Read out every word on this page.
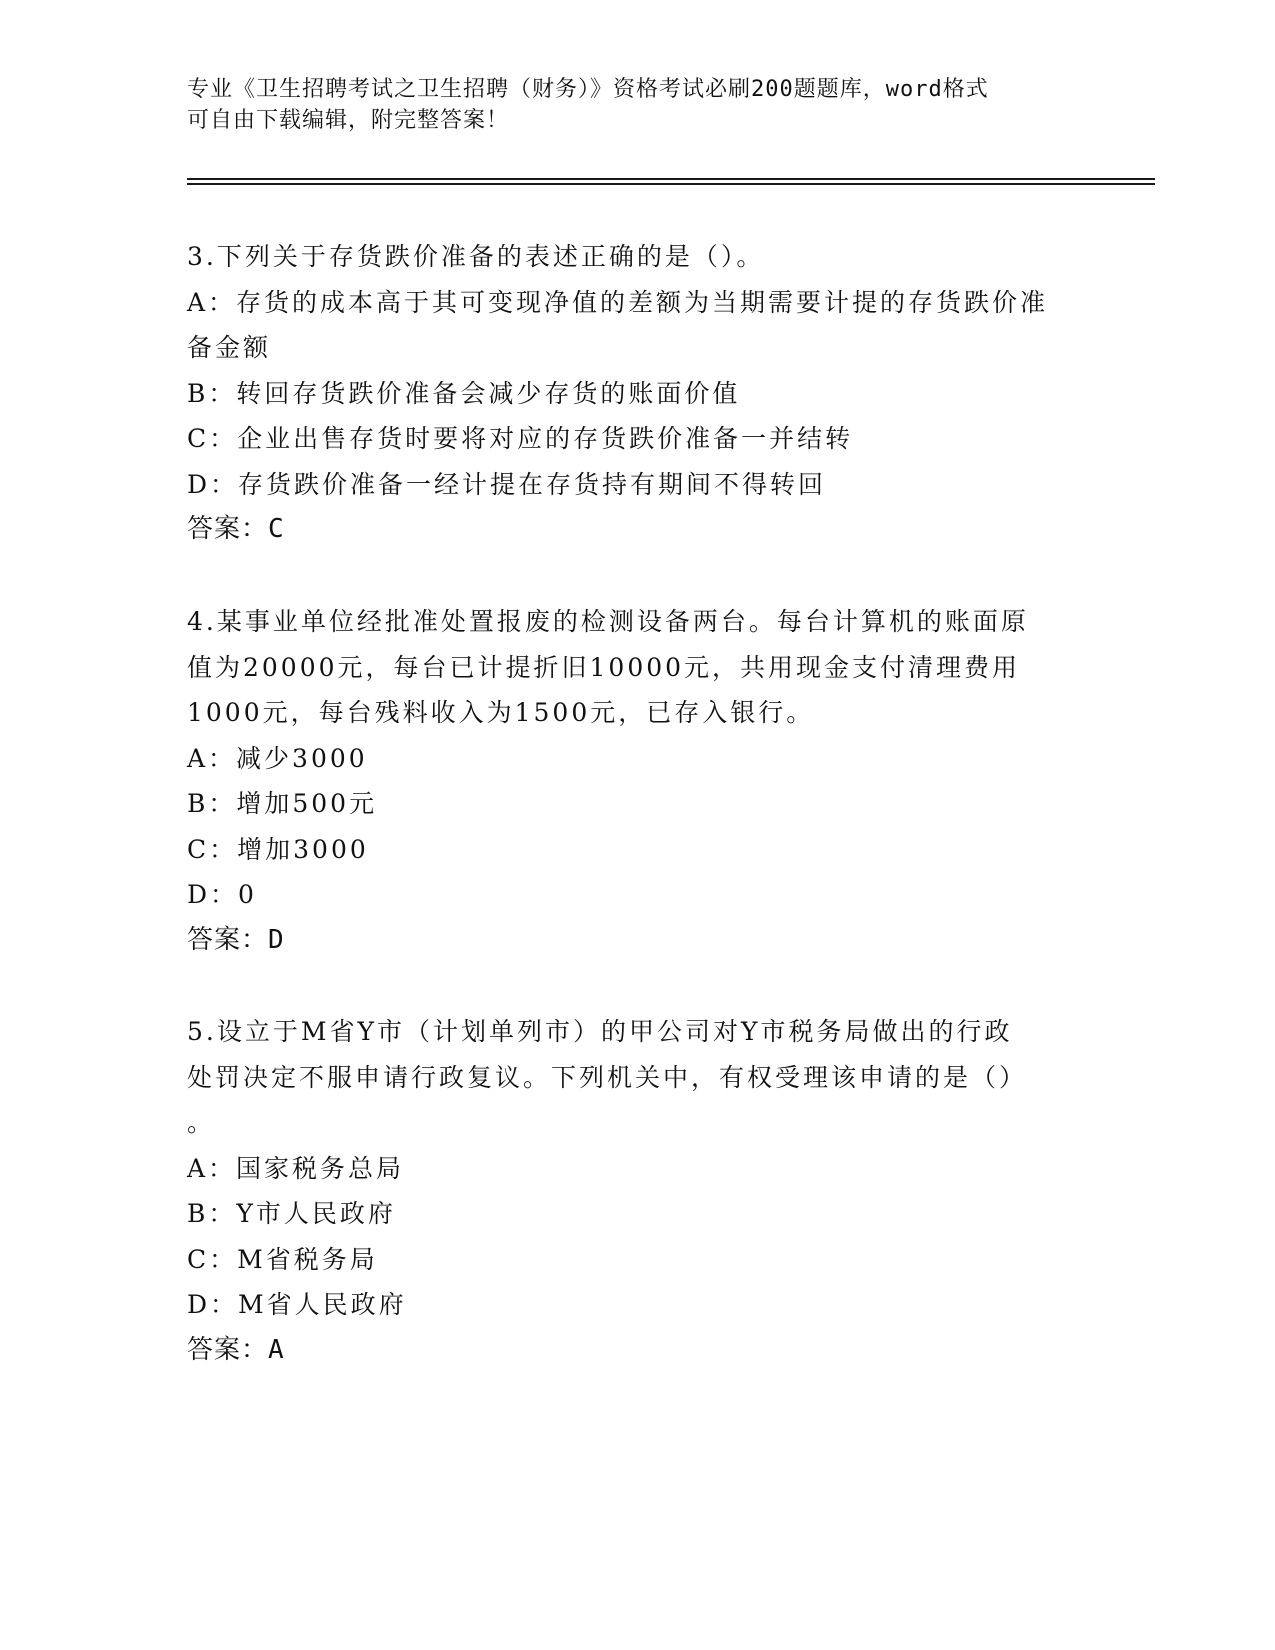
专业《卫生招聘考试之卫生招聘（财务）》资格考试必刷200题题库，word格式
可自由下载编辑，附完整答案！
3.下列关于存货跌价准备的表述正确的是（）。
A：存货的成本高于其可变现净值的差额为当期需要计提的存货跌价准
备金额
B：转回存货跌价准备会减少存货的账面价值
C：企业出售存货时要将对应的存货跌价准备一并结转
D：存货跌价准备一经计提在存货持有期间不得转回
答案：C
4.某事业单位经批准处置报废的检测设备两台。每台计算机的账面原
值为20000元，每台已计提折旧10000元，共用现金支付清理费用
1000元，每台残料收入为1500元，已存入银行。
A：减少3000
B：增加500元
C：增加3000
D：0
答案：D
5.设立于M省Y市（计划单列市）的甲公司对Y市税务局做出的行政
处罚决定不服申请行政复议。下列机关中，有权受理该申请的是（）
。
A：国家税务总局
B：Y市人民政府
C：M省税务局
D：M省人民政府
答案：A
